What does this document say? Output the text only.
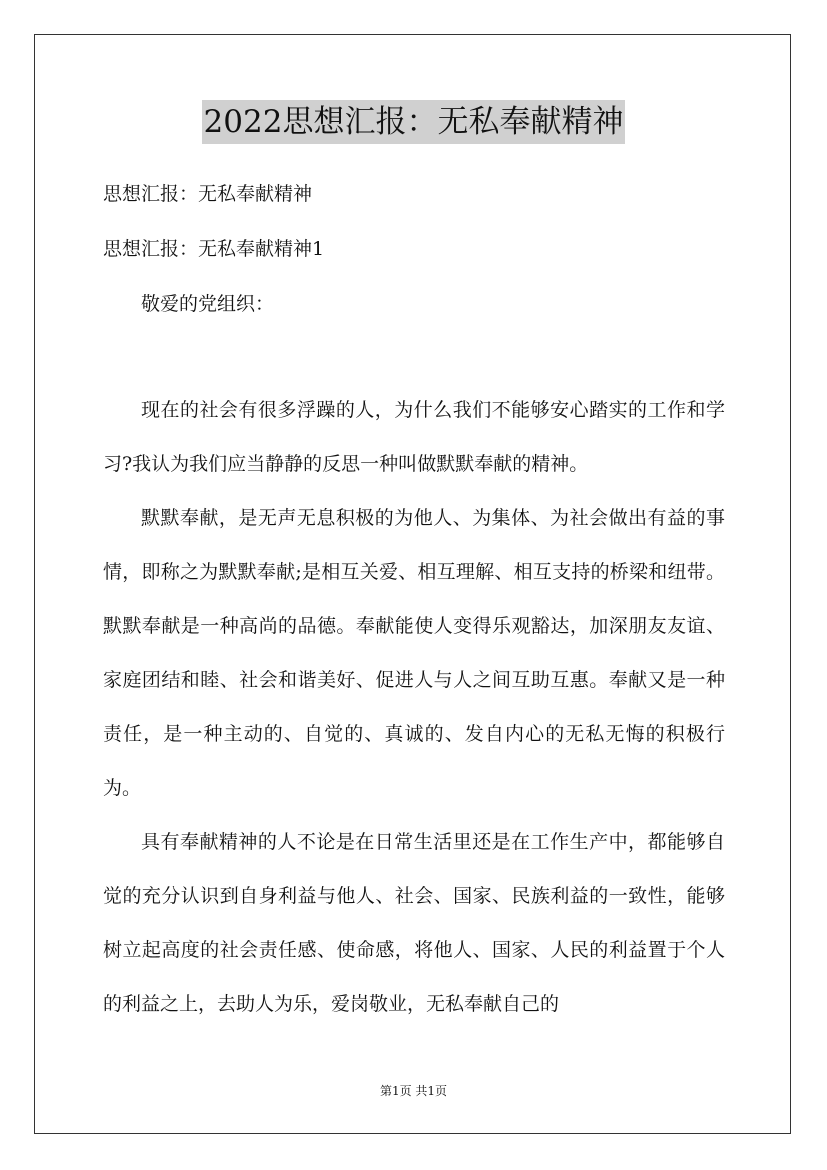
2022思想汇报：无私奉献精神
思想汇报：无私奉献精神
思想汇报：无私奉献精神1
敬爱的党组织：
现在的社会有很多浮躁的人，为什么我们不能够安心踏实的工作和学习?我认为我们应当静静的反思一种叫做默默奉献的精神。
默默奉献，是无声无息积极的为他人、为集体、为社会做出有益的事情，即称之为默默奉献;是相互关爱、相互理解、相互支持的桥梁和纽带。默默奉献是一种高尚的品德。奉献能使人变得乐观豁达，加深朋友友谊、家庭团结和睦、社会和谐美好、促进人与人之间互助互惠。奉献又是一种责任，是一种主动的、自觉的、真诚的、发自内心的无私无悔的积极行为。
具有奉献精神的人不论是在日常生活里还是在工作生产中，都能够自觉的充分认识到自身利益与他人、社会、国家、民族利益的一致性，能够树立起高度的社会责任感、使命感，将他人、国家、人民的利益置于个人的利益之上，去助人为乐，爱岗敬业，无私奉献自己的
第1页 共1页
